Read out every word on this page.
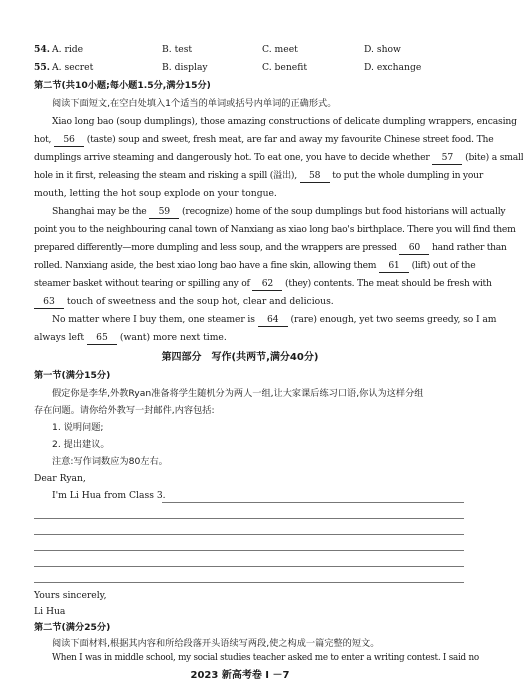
54. A. ride	B. test	C. meet	D. show
55. A. secret	B. display	C. benefit	D. exchange
第二节(共10小题;每小题1.5分,满分15分)
阅读下面短文,在空白处填入1个适当的单词或括号内单词的正确形式。
Xiao long bao (soup dumplings), those amazing constructions of delicate dumpling wrappers, encasing
hot, 56 (taste) soup and sweet, fresh meat, are far and away my favourite Chinese street food. The
dumplings arrive steaming and dangerously hot. To eat one, you have to decide whether 57 (bite) a small
hole in it first, releasing the steam and risking a spill (溢出), 58 to put the whole dumpling in your
mouth, letting the hot soup explode on your tongue.
Shanghai may be the 59 (recognize) home of the soup dumplings but food historians will actually
point you to the neighbouring canal town of Nanxiang as xiao long bao's birthplace. There you will find them
prepared differently—more dumpling and less soup, and the wrappers are pressed 60 hand rather than
rolled. Nanxiang aside, the best xiao long bao have a fine skin, allowing them 61 (lift) out of the
steamer basket without tearing or spilling any of 62 (they) contents. The meat should be fresh with
63 touch of sweetness and the soup hot, clear and delicious.
No matter where I buy them, one steamer is 64 (rare) enough, yet two seems greedy, so I am
always left 65 (want) more next time.
第四部分　写作(共两节,满分40分)
第一节(满分15分)
假定你是李华,外教Ryan准备将学生随机分为两人一组,让大家课后练习口语,你认为这样分组
存在问题。请你给外教写一封邮件,内容包括:
1. 说明问题;
2. 提出建议。
注意:写作词数应为80左右。
Dear Ryan,
I'm Li Hua from Class 3.
Yours sincerely,
Li Hua
第二节(满分25分)
阅读下面材料,根据其内容和所给段落开头语续写两段,使之构成一篇完整的短文。
When I was in middle school, my social studies teacher asked me to enter a writing contest. I said no
2023 新高考卷 I －7
